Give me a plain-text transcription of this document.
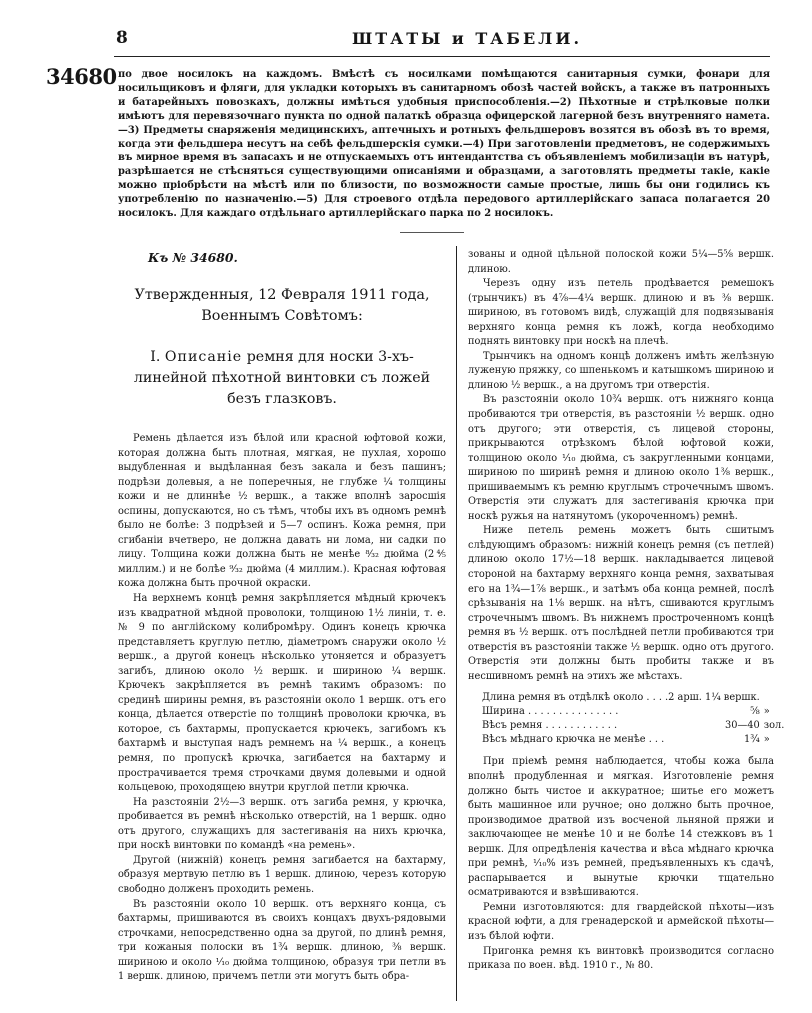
8	ШТАТЫ и ТАБЕЛИ.
34680 по двое носилокъ на каждомъ. Вмѣстѣ съ носилками помѣщаются санитарныя сумки, фонари для носильщиковъ и фляги, для укладки которыхъ въ санитарномъ обозѣ частей войскъ, а также въ патронныхъ и батарейныхъ повозкахъ, должны имѣться удобныя приспособленія.—2) Пѣхотные и стрѣлковые полки имѣютъ для перевязочнаго пункта по одной палаткѣ образца офицерской лагерной безъ внутренняго намета.—3) Предметы снаряженія медицинскихъ, аптечныхъ и ротныхъ фельдшеровъ возятся въ обозѣ въ то время, когда эти фельдшера несутъ на себѣ фельдшерскія сумки.—4) При заготовленіи предметовъ, не содержимыхъ въ мирное время въ запасахъ и не отпускаемыхъ отъ интендантства съ объявленіемъ мобилизаціи въ натурѣ, разрѣшается не стѣсняться существующими описаніями и образцами, а заготовлять предметы такіе, какіе можно пріобрѣсти на мѣстѣ или по близости, по возможности самые простые, лишь бы они годились къ употребленію по назначенію.—5) Для строевого отдѣла передового артиллерійскаго запаса полагается 20 носилокъ. Для каждаго отдѣльнаго артиллерійскаго парка по 2 носилокъ.

Къ № 34680.
Утвержденныя, 12 Февраля 1911 года, Военнымъ Совѣтомъ:
I. Описаніе ремня для носки 3-хъ-линейной пѣхотной винтовки съ ложей безъ глазковъ.

Ремень дѣлается изъ бѣлой или красной юфтовой кожи, которая должна быть плотная, мягкая, не пухлая, хорошо выдубленная и выдѣланная безъ закала и безъ пашинъ; подрѣзи долевыя, а не поперечныя, не глубже ¼ толщины кожи и не длиннѣе ½ вершк., а также вполнѣ заросшія оспины, допускаются, но съ тѣмъ, чтобы ихъ въ одномъ ремнѣ было не болѣе: 3 подрѣзей и 5—7 оспинъ. Кожа ремня, при сгибаніи вчетверо, не должна давать ни лома, ни садки по лицу. Толщина кожи должна быть не менѣе ⁸⁄₃₂ дюйма (2⅘ миллим.) и не болѣе ⁹⁄₃₂ дюйма (4 миллим.). Красная юфтовая кожа должна быть прочной окраски.

На верхнемъ концѣ ремня закрѣпляется мѣдный крючекъ изъ квадратной мѣдной проволоки, толщиною 1½ линіи, т. е. № 9 по англійскому колибромѣру. Одинъ конецъ крючка представляетъ круглую петлю, діаметромъ снаружи около ½ вершк., а другой конецъ нѣсколько утоняется и образуетъ загибъ, длиною около ½ вершк. и шириною ¼ вершк. Крючекъ закрѣпляется въ ремнѣ такимъ образомъ: по срединѣ ширины ремня, въ разстояніи около 1 вершк. отъ его конца, дѣлается отверстіе по толщинѣ проволоки крючка, въ которое, съ бахтармы, пропускается крючекъ, загибомъ къ бахтармѣ и выступая надъ ремнемъ на ¼ вершк., а конецъ ремня, по пропускѣ крючка, загибается на бахтарму и прострачивается тремя строчками двумя долевыми и одной кольцевою, проходящею внутри круглой петли крючка.

На разстояніи 2½—3 вершк. отъ загиба ремня, у крючка, пробивается въ ремнѣ нѣсколько отверстій, на 1 вершк. одно отъ другого, служащихъ для застегиванія на нихъ крючка, при носкѣ винтовки по командѣ «на ремень».

Другой (нижній) конецъ ремня загибается на бахтарму, образуя мертвую петлю въ 1 вершк. длиною, черезъ которую свободно долженъ проходить ремень.

Въ разстояніи около 10 вершк. отъ верхняго конца, съ бахтармы, пришиваются въ своихъ концахъ двухъ-рядовыми строчками, непосредственно одна за другой, по длинѣ ремня, три кожаныя полоски въ 1¾ вершк. длиною, ⅜ вершк. шириною и около ¹⁄₁₀ дюйма толщиною, образуя три петли въ 1 вершк. длиною, причемъ петли эти могутъ быть обра-

зованы и одной цѣльной полоской кожи 5¼—5⅝ вершк. длиною.

Черезъ одну изъ петель продѣвается ремешокъ (трынчикъ) въ 4⅞—4¼ вершк. длиною и въ ⅜ вершк. шириною, въ готовомъ видѣ, служащій для подвязыванія верхняго конца ремня къ ложѣ, когда необходимо поднять винтовку при носкѣ на плечѣ.

Трынчикъ на одномъ концѣ долженъ имѣть желѣзную луженую пряжку, со шпенькомъ и катышкомъ шириною и длиною ½ вершк., а на другомъ три отверстія.

Въ разстояніи около 10¾ вершк. отъ нижняго конца пробиваются три отверстія, въ разстояніи ½ вершк. одно отъ другого; эти отверстія, съ лицевой стороны, прикрываются отрѣзкомъ бѣлой юфтовой кожи, толщиною около ¹⁄₁₀ дюйма, съ закругленными концами, шириною по ширинѣ ремня и длиною около 1⅜ вершк., пришиваемымъ къ ремню круглымъ строчечнымъ швомъ. Отверстія эти служатъ для застегиванія крючка при носкѣ ружья на натянутомъ (укороченномъ) ремнѣ.

Ниже петель ремень можетъ быть сшитымъ слѣдующимъ образомъ: нижній конецъ ремня (съ петлей) длиною около 17½—18 вершк. накладывается лицевой стороной на бахтарму верхняго конца ремня, захватывая его на 1¾—1⅞ вершк., и затѣмъ оба конца ремней, послѣ срѣзыванія на 1⅛ вершк. на нѣтъ, сшиваются круглымъ строчечнымъ швомъ. Въ нижнемъ простроченномъ концѣ ремня въ ½ вершк. отъ послѣдней петли пробиваются три отверстія въ разстояніи также ½ вершк. одно отъ другого. Отверстія эти должны быть пробиты также и въ несшивномъ ремнѣ на этихъ же мѣстахъ.

Длина ремня въ отдѣлкѣ около . . . .	2 арш. 1¼ вершк.	
Ширина . . . . . . . . . . . . . . .	⅝	»
Вѣсъ ремня . . . . . . . . . . . .	30—40	зол.
Вѣсъ мѣднаго крючка не менѣе . . .	1¾	»

При пріемѣ ремня наблюдается, чтобы кожа была вполнѣ продубленная и мягкая. Изготовленіе ремня должно быть чистое и аккуратное; шитье его можетъ быть машинное или ручное; оно должно быть прочное, производимое дратвой изъ восченой льняной пряжи и заключающее не менѣе 10 и не болѣе 14 стежковъ въ 1 вершк. Для опредѣленія качества и вѣса мѣднаго крючка при ремнѣ, ¹⁄₁₀% изъ ремней, предъявленныхъ къ сдачѣ, распарывается и вынутые крючки тщательно осматриваются и взвѣшиваются.

Ремни изготовляются: для гвардейской пѣхоты—изъ красной юфти, а для гренадерской и армейской пѣхоты—изъ бѣлой юфти.

Пригонка ремня къ винтовкѣ производится согласно приказа по воен. вѣд. 1910 г., № 80.
